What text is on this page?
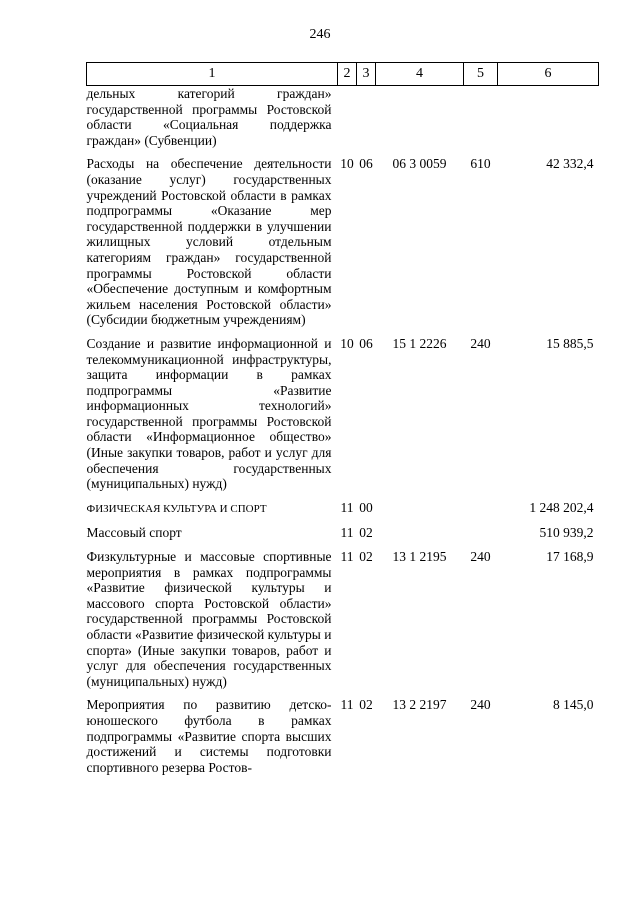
246
1	2	3	4	5	6
дельных категорий граждан» государственной программы Ростовской области «Социальная поддержка граждан» (Субвенции)					
Расходы на обеспечение деятельности (оказание услуг) государственных учреждений Ростовской области в рамках подпрограммы «Оказание мер государственной поддержки в улучшении жилищных условий отдельным категориям граждан» государственной программы Ростовской области «Обеспечение доступным и комфортным жильем населения Ростовской области» (Субсидии бюджетным учреждениям)	10	06	06 3 0059	610	42 332,4
Создание и развитие информационной и телекоммуникационной инфраструктуры, защита информации в рамках подпрограммы «Развитие информационных технологий» государственной программы Ростовской области «Информационное общество» (Иные закупки товаров, работ и услуг для обеспечения государственных (муниципальных) нужд)	10	06	15 1 2226	240	15 885,5
ФИЗИЧЕСКАЯ КУЛЬТУРА И СПОРТ	11	00			1 248 202,4
Массовый спорт	11	02			510 939,2
Физкультурные и массовые спортивные мероприятия в рамках подпрограммы «Развитие физической культуры и массового спорта Ростовской области» государственной программы Ростовской области «Развитие физической культуры и спорта» (Иные закупки товаров, работ и услуг для обеспечения государственных (муниципальных) нужд)	11	02	13 1 2195	240	17 168,9
Мероприятия по развитию детско-юношеского футбола в рамках подпрограммы «Развитие спорта высших достижений и системы подготовки спортивного резерва Ростов-	11	02	13 2 2197	240	8 145,0
